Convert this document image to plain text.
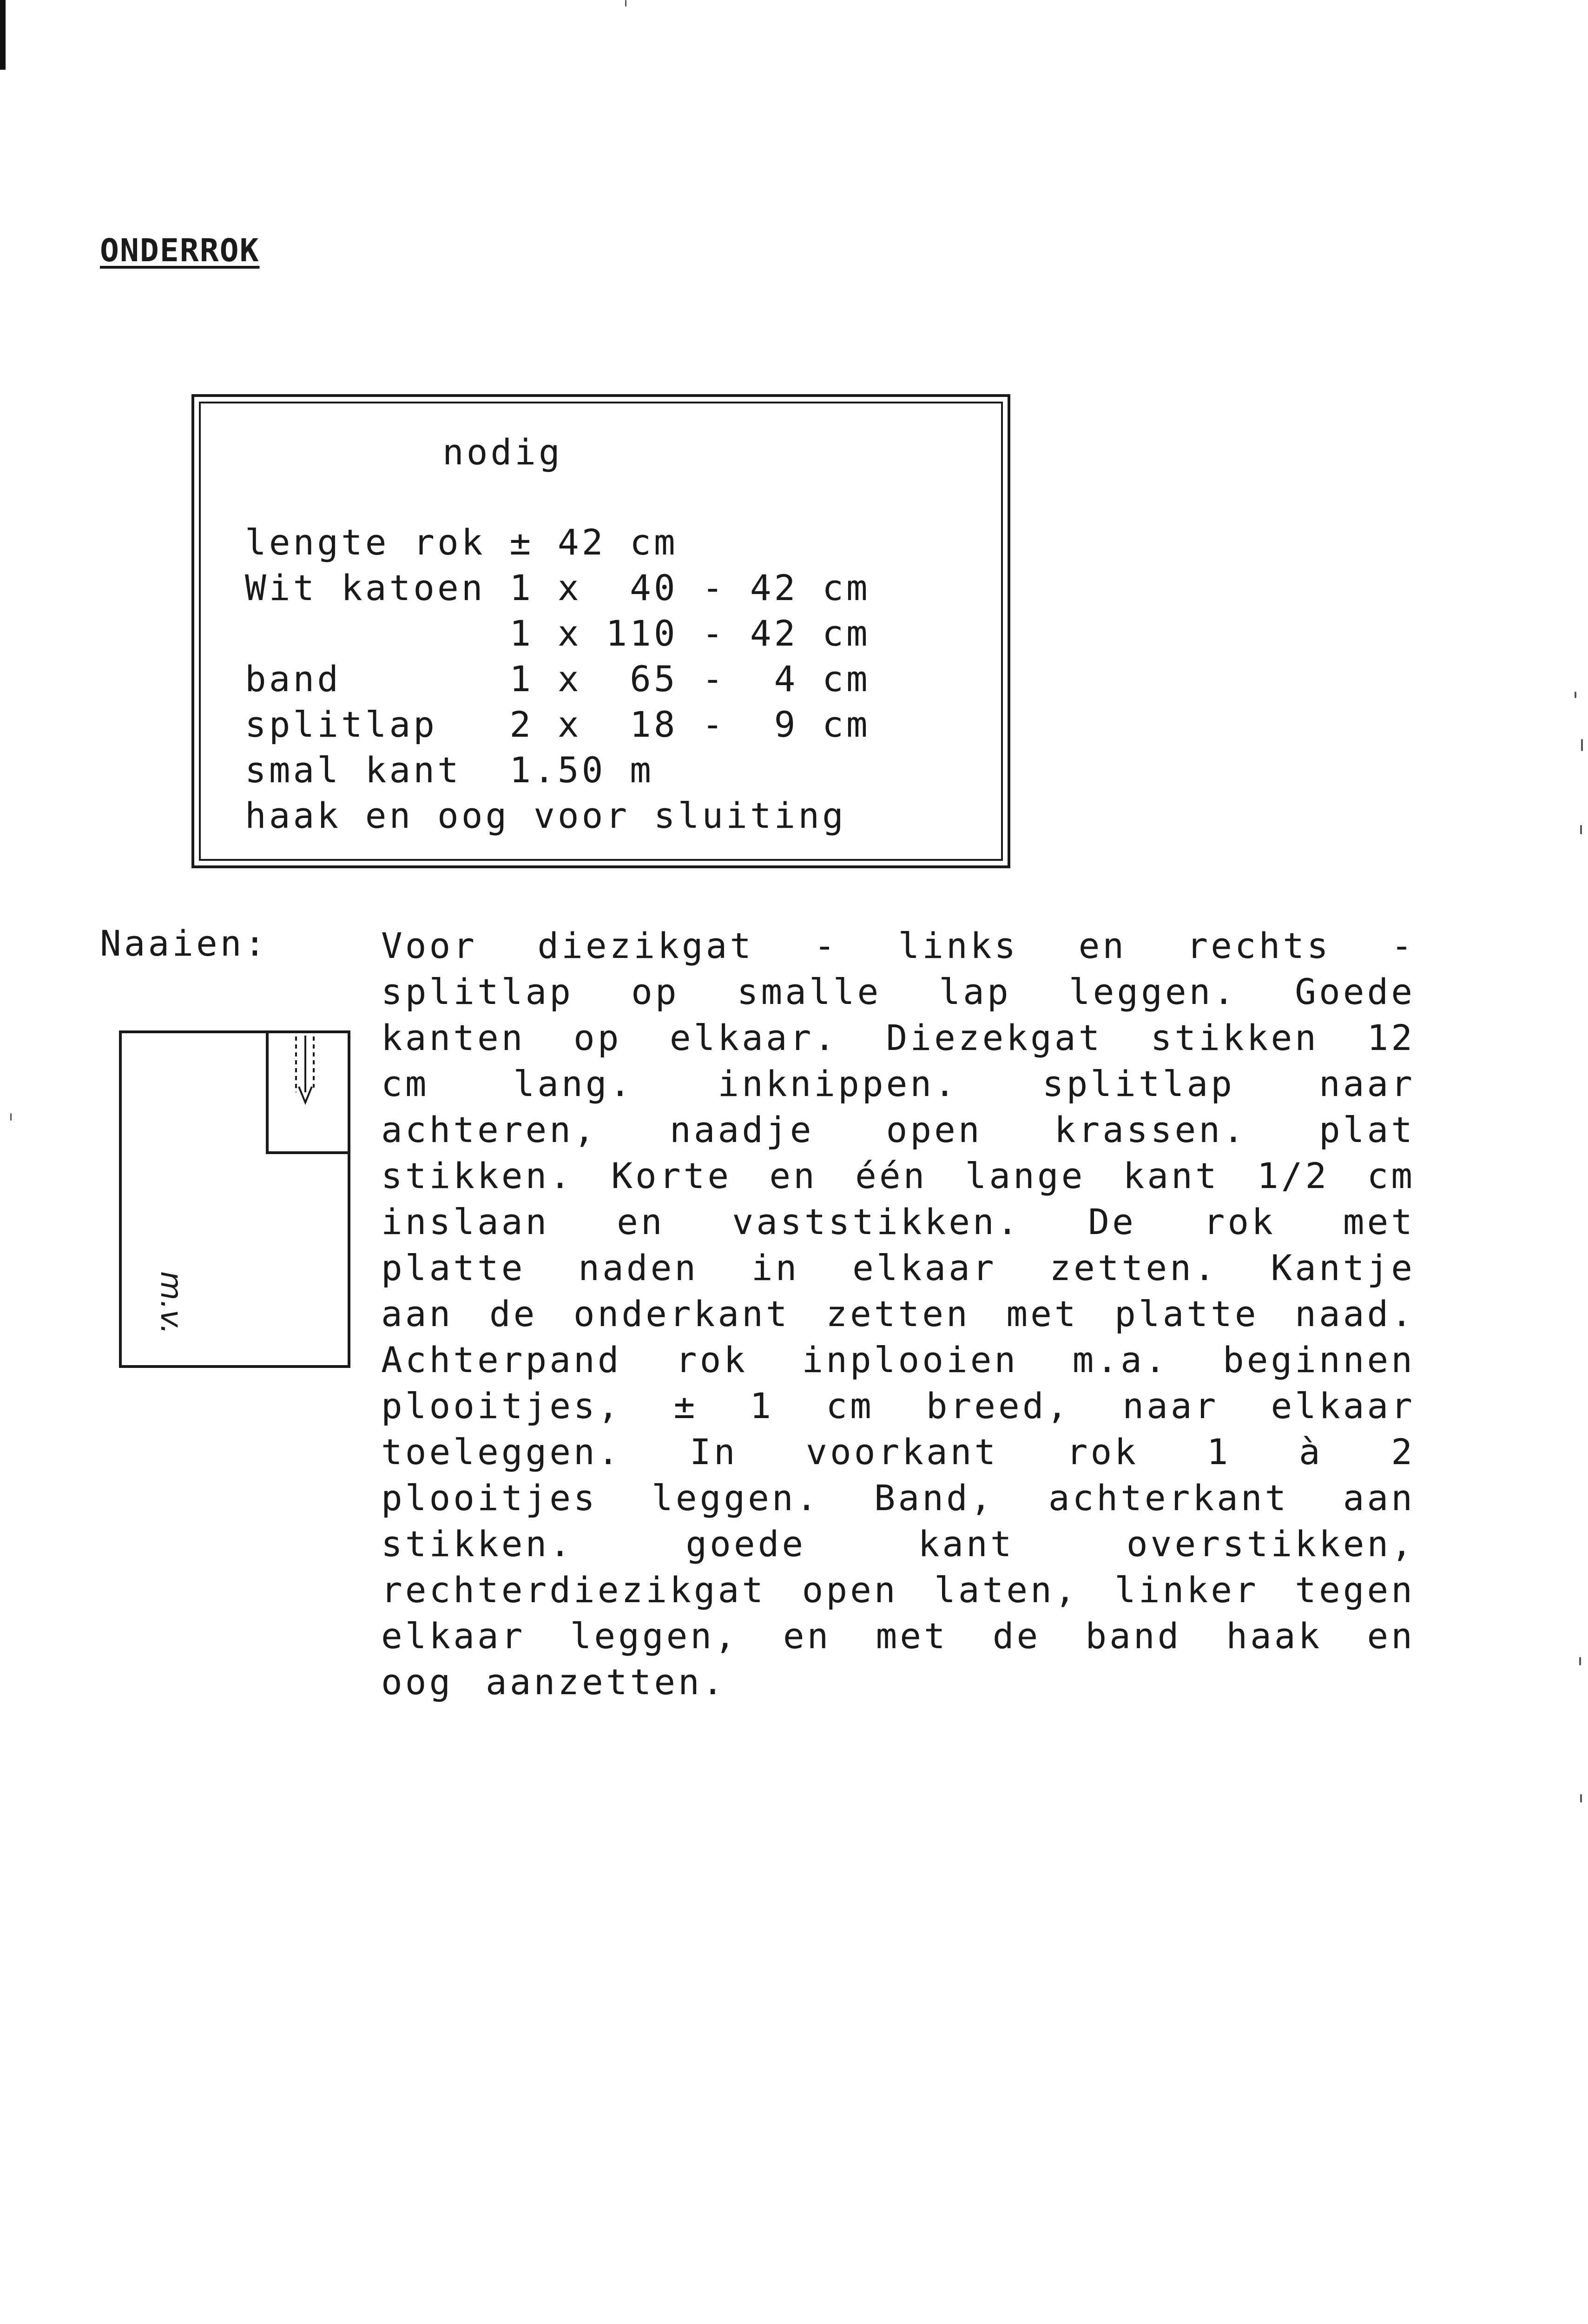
ONDERROK
nodig
lengte rok ± 42 cm
Wit katoen 1 x  40 - 42 cm
1 x 110 - 42 cm
band       1 x  65 -  4 cm
splitlap   2 x  18 -  9 cm
smal kant  1.50 m
haak en oog voor sluiting
Naaien:	Voor diezikgat - links en rechts - splitlap op smalle lap leggen. Goede kanten op elkaar. Diezekgat stikken 12 cm lang. inknippen. splitlap naar achteren, naadje open krassen. plat stikken. Korte en één lange kant 1/2 cm inslaan en vaststikken. De rok met platte naden in elkaar zetten. Kantje aan de onderkant zetten met platte naad. Achterpand rok inplooien m.a. beginnen plooitjes, ± 1 cm breed, naar elkaar toeleggen. In voorkant rok 1 à 2 plooitjes leggen. Band, achterkant aan stikken. goede kant overstikken, rechterdiezikgat open laten, linker tegen elkaar leggen, en met de band haak en oog aanzetten.
m.v.
